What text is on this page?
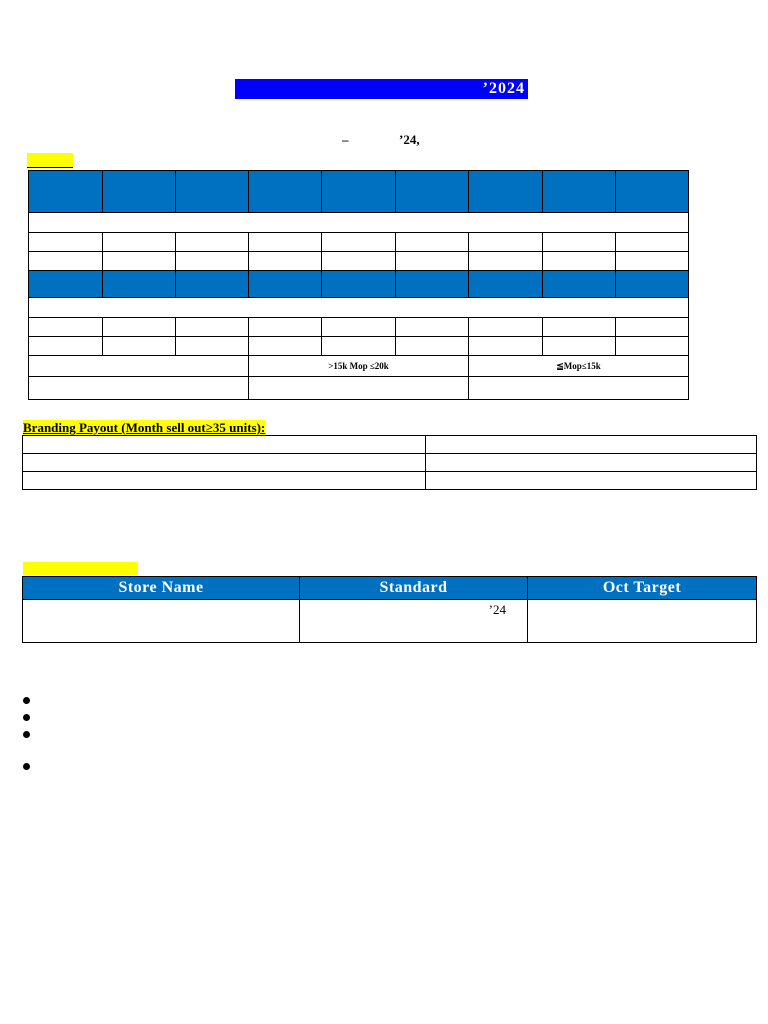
’2024
–	’24,

			>15k Mop ≤20k			≦Mop≤15k		

Branding Payout (Month sell out≥35 units):

Store Name	Standard	Oct Target
	’24	
